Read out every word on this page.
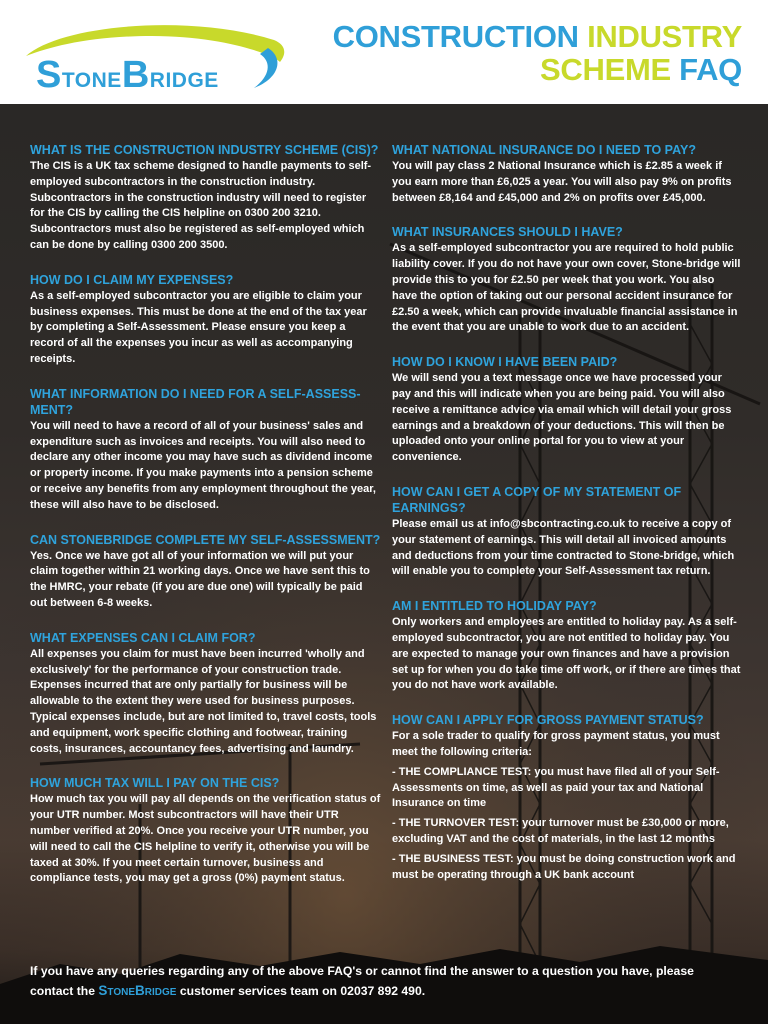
STONEBRIDGE
CONSTRUCTION INDUSTRY
SCHEME FAQ
WHAT IS THE CONSTRUCTION INDUSTRY SCHEME (CIS)?
The CIS is a UK tax scheme designed to handle payments to self-employed subcontractors in the construction industry. Subcontractors in the construction industry will need to register for the CIS by calling the CIS helpline on 0300 200 3210. Subcontractors must also be registered as self-employed which can be done by calling 0300 200 3500.
HOW DO I CLAIM MY EXPENSES?
As a self-employed subcontractor you are eligible to claim your business expenses. This must be done at the end of the tax year by completing a Self-Assessment. Please ensure you keep a record of all the expenses you incur as well as accompanying receipts.
WHAT INFORMATION DO I NEED FOR A SELF-ASSESS-MENT?
You will need to have a record of all of your business' sales and expenditure such as invoices and receipts. You will also need to declare any other income you may have such as dividend income or property income. If you make payments into a pension scheme or receive any benefits from any employment throughout the year, these will also have to be disclosed.
CAN STONEBRIDGE COMPLETE MY SELF-ASSESSMENT?
Yes. Once we have got all of your information we will put your claim together within 21 working days. Once we have sent this to the HMRC, your rebate (if you are due one) will typically be paid out between 6-8 weeks.
WHAT EXPENSES CAN I CLAIM FOR?
All expenses you claim for must have been incurred 'wholly and exclusively' for the performance of your construction trade. Expenses incurred that are only partially for business will be allowable to the extent they were used for business purposes. Typical expenses include, but are not limited to, travel costs, tools and equipment, work specific clothing and footwear, training costs, insurances, accountancy fees, advertising and laundry.
HOW MUCH TAX WILL I PAY ON THE CIS?
How much tax you will pay all depends on the verification status of your UTR number. Most subcontractors will have their UTR number verified at 20%. Once you receive your UTR number, you will need to call the CIS helpline to verify it, otherwise you will be taxed at 30%. If you meet certain turnover, business and compliance tests, you may get a gross (0%) payment status.
WHAT NATIONAL INSURANCE DO I NEED TO PAY?
You will pay class 2 National Insurance which is £2.85 a week if you earn more than £6,025 a year. You will also pay 9% on profits between £8,164 and £45,000 and 2% on profits over £45,000.
WHAT INSURANCES SHOULD I HAVE?
As a self-employed subcontractor you are required to hold public liability cover. If you do not have your own cover, Stone-bridge will provide this to you for £2.50 per week that you work. You also have the option of taking out our personal accident insurance for £2.50 a week, which can provide invaluable financial assistance in the event that you are unable to work due to an accident.
HOW DO I KNOW I HAVE BEEN PAID?
We will send you a text message once we have processed your pay and this will indicate when you are being paid. You will also receive a remittance advice via email which will detail your gross earnings and a breakdown of your deductions. This will then be uploaded onto your online portal for you to view at your convenience.
HOW CAN I GET A COPY OF MY STATEMENT OF EARNINGS?
Please email us at info@sbcontracting.co.uk to receive a copy of your statement of earnings. This will detail all invoiced amounts and deductions from your time contracted to Stone-bridge, which will enable you to complete your Self-Assessment tax return.
AM I ENTITLED TO HOLIDAY PAY?
Only workers and employees are entitled to holiday pay. As a self-employed subcontractor, you are not entitled to holiday pay. You are expected to manage your own finances and have a provision set up for when you do take time off work, or if there are times that you do not have work available.
HOW CAN I APPLY FOR GROSS PAYMENT STATUS?
For a sole trader to qualify for gross payment status, you must meet the following criteria:
- THE COMPLIANCE TEST: you must have filed all of your Self-Assessments on time, as well as paid your tax and National Insurance on time
- THE TURNOVER TEST: your turnover must be £30,000 or more, excluding VAT and the cost of materials, in the last 12 months
- THE BUSINESS TEST: you must be doing construction work and must be operating through a UK bank account
If you have any queries regarding any of the above FAQ's or cannot find the answer to a question you have, please
contact the STONEBRIDGE customer services team on 02037 892 490.
